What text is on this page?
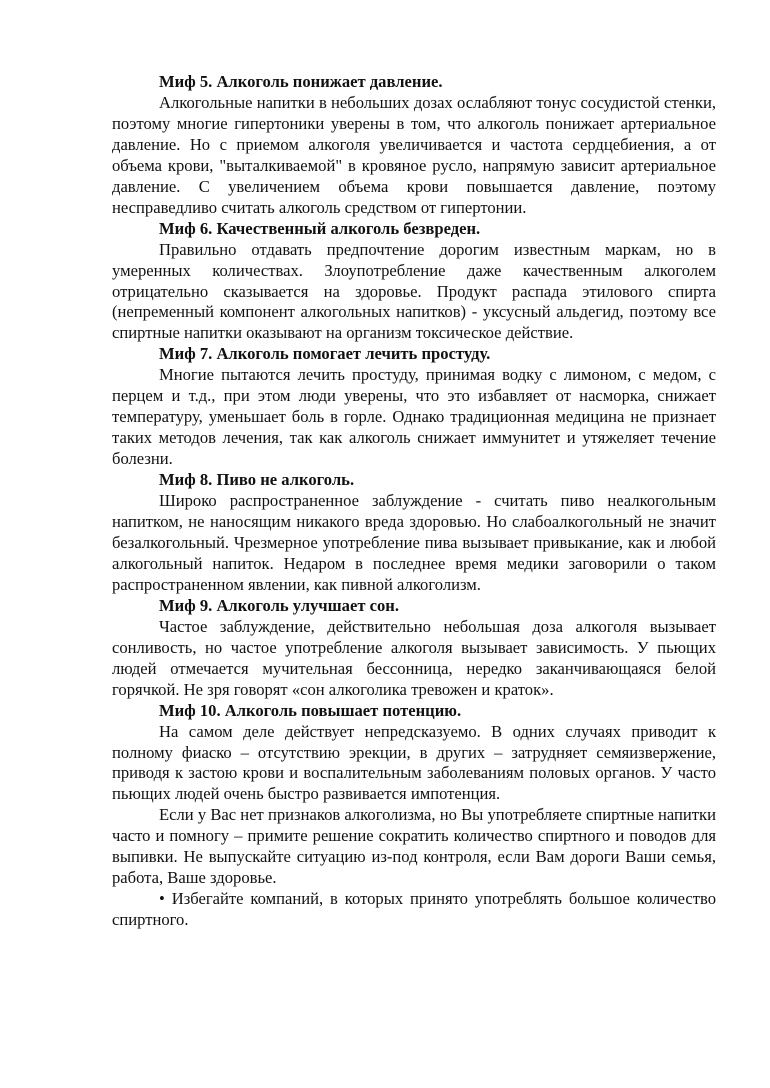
Миф 5. Алкоголь понижает давление.

Алкогольные напитки в небольших дозах ослабляют тонус сосудистой стенки, поэтому многие гипертоники уверены в том, что алкоголь понижает артериальное давление. Но с приемом алкоголя увеличивается и частота сердцебиения, а от объема крови, "выталкиваемой" в кровяное русло, напрямую зависит артериальное давление. С увеличением объема крови повышается давление, поэтому несправедливо считать алкоголь средством от гипертонии.

Миф 6. Качественный алкоголь безвреден.

Правильно отдавать предпочтение дорогим известным маркам, но в умеренных количествах. Злоупотребление даже качественным алкоголем отрицательно сказывается на здоровье. Продукт распада этилового спирта (непременный компонент алкогольных напитков) - уксусный альдегид, поэтому все спиртные напитки оказывают на организм токсическое действие.

Миф 7. Алкоголь помогает лечить простуду.

Многие пытаются лечить простуду, принимая водку с лимоном, с медом, с перцем и т.д., при этом люди уверены, что это избавляет от насморка, снижает температуру, уменьшает боль в горле. Однако традиционная медицина не признает таких методов лечения, так как алкоголь снижает иммунитет и утяжеляет течение болезни.

Миф 8. Пиво не алкоголь.

Широко распространенное заблуждение - считать пиво неалкогольным напитком, не наносящим никакого вреда здоровью. Но слабоалкогольный не значит безалкогольный. Чрезмерное употребление пива вызывает привыкание, как и любой алкогольный напиток. Недаром в последнее время медики заговорили о таком распространенном явлении, как пивной алкоголизм.

Миф 9. Алкоголь улучшает сон.

Частое заблуждение, действительно небольшая доза алкоголя вызывает сонливость, но частое употребление алкоголя вызывает зависимость. У пьющих людей отмечается мучительная бессонница, нередко заканчивающаяся белой горячкой. Не зря говорят «сон алкоголика тревожен и краток».

Миф 10. Алкоголь повышает потенцию.

На самом деле действует непредсказуемо. В одних случаях приводит к полному фиаско – отсутствию эрекции, в других – затрудняет семяизвержение, приводя к застою крови и воспалительным заболеваниям половых органов. У часто пьющих людей очень быстро развивается импотенция.

Если у Вас нет признаков алкоголизма, но Вы употребляете спиртные напитки часто и помногу – примите решение сократить количество спиртного и поводов для выпивки. Не выпускайте ситуацию из-под контроля, если Вам дороги Ваши семья, работа, Ваше здоровье.

• Избегайте компаний, в которых принято употреблять большое количество спиртного.
